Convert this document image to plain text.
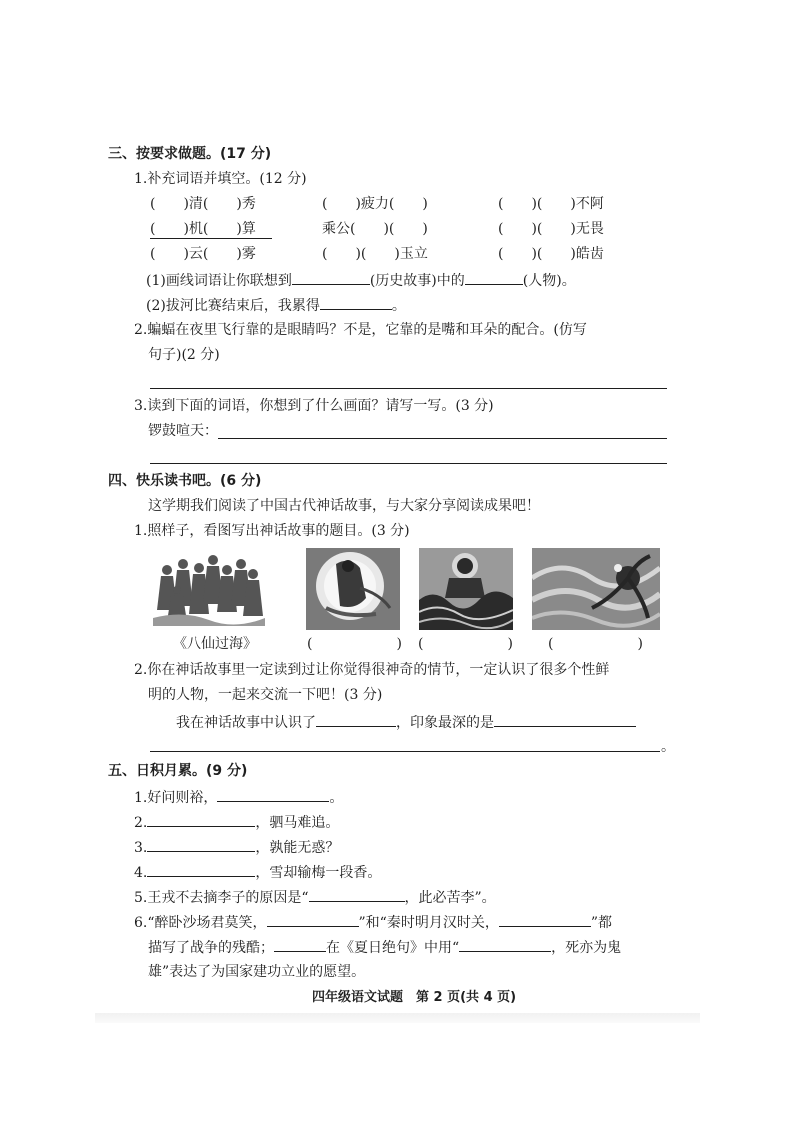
三、按要求做题。(17 分)
1.补充词语并填空。(12 分)
(　　)清(　　)秀	(　　)疲力(　　)	(　　)(　　)不阿
(　　)机(　　)算	乘公(　　)(　　)	(　　)(　　)无畏
(　　)云(　　)雾	(　　)(　　)玉立	(　　)(　　)皓齿
(1)画线词语让你联想到	(历史故事)中的	(人物)。
(2)拔河比赛结束后，我累得	。
2.蝙蝠在夜里飞行靠的是眼睛吗？不是，它靠的是嘴和耳朵的配合。(仿写
句子)(2 分)
3.读到下面的词语，你想到了什么画面？请写一写。(3 分)
锣鼓喧天：
四、快乐读书吧。(6 分)
这学期我们阅读了中国古代神话故事，与大家分享阅读成果吧！
1.照样子，看图写出神话故事的题目。(3 分)
《八仙过海》	(　　　　　　) (　　　　　　)	(　　　　　　)
2.你在神话故事里一定读到过让你觉得很神奇的情节，一定认识了很多个性鲜
明的人物，一起来交流一下吧！(3 分)
我在神话故事中认识了	，印象最深的是
。
五、日积月累。(9 分)
1.好问则裕，	。
2.	，驷马难追。
3.	，孰能无惑？
4.	，雪却输梅一段香。
5.王戎不去摘李子的原因是“	，此必苦李”。
6.“醉卧沙场君莫笑，	”和“秦时明月汉时关，	”都
描写了战争的残酷；	在《夏日绝句》中用“	，死亦为鬼
雄”表达了为国家建功立业的愿望。
四年级语文试题　第 2 页(共 4 页)
